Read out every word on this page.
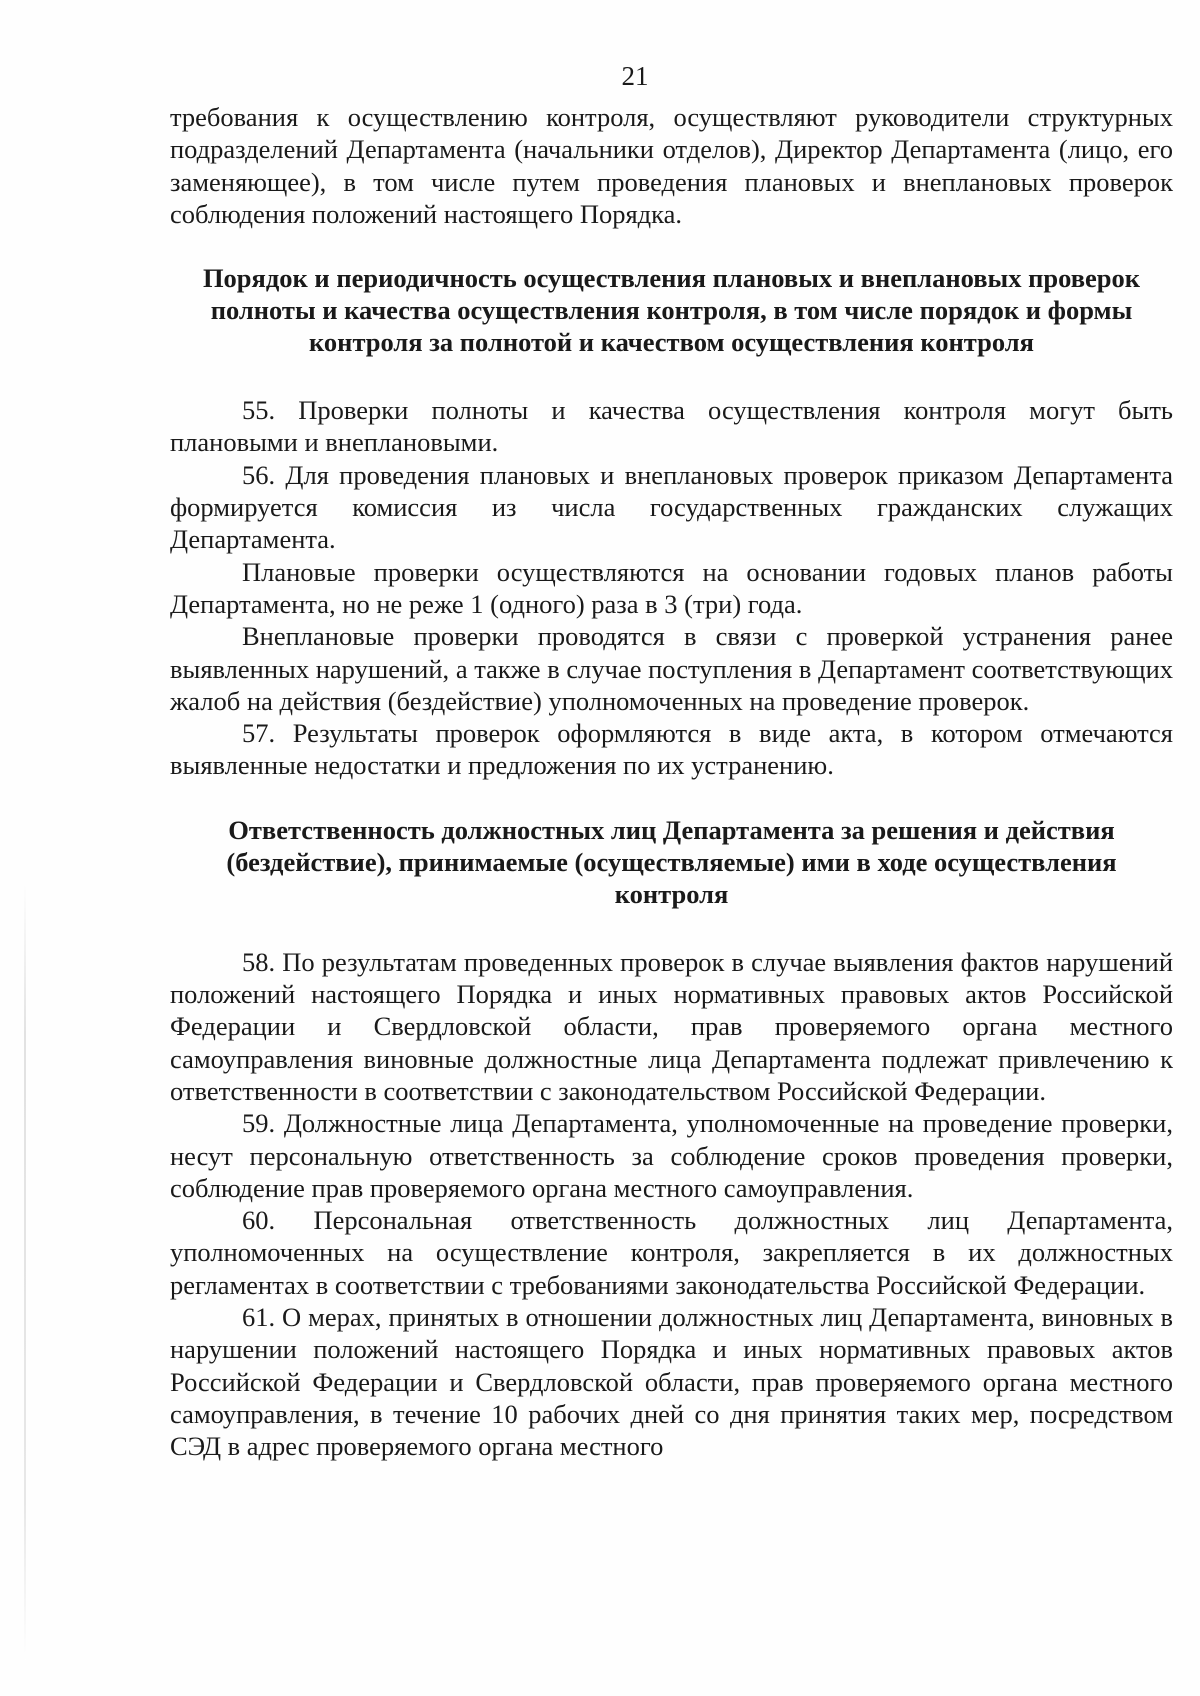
21

требования к осуществлению контроля, осуществляют руководители структурных подразделений Департамента (начальники отделов), Директор Департамента (лицо, его заменяющее), в том числе путем проведения плановых и внеплановых проверок соблюдения положений настоящего Порядка.

Порядок и периодичность осуществления плановых и внеплановых проверок полноты и качества осуществления контроля, в том числе порядок и формы контроля за полнотой и качеством осуществления контроля

55. Проверки полноты и качества осуществления контроля могут быть плановыми и внеплановыми.

56. Для проведения плановых и внеплановых проверок приказом Департамента формируется комиссия из числа государственных гражданских служащих Департамента.

Плановые проверки осуществляются на основании годовых планов работы Департамента, но не реже 1 (одного) раза в 3 (три) года.

Внеплановые проверки проводятся в связи с проверкой устранения ранее выявленных нарушений, а также в случае поступления в Департамент соответствующих жалоб на действия (бездействие) уполномоченных на проведение проверок.

57. Результаты проверок оформляются в виде акта, в котором отмечаются выявленные недостатки и предложения по их устранению.

Ответственность должностных лиц Департамента за решения и действия (бездействие), принимаемые (осуществляемые) ими в ходе осуществления контроля

58. По результатам проведенных проверок в случае выявления фактов нарушений положений настоящего Порядка и иных нормативных правовых актов Российской Федерации и Свердловской области, прав проверяемого органа местного самоуправления виновные должностные лица Департамента подлежат привлечению к ответственности в соответствии с законодательством Российской Федерации.

59. Должностные лица Департамента, уполномоченные на проведение проверки, несут персональную ответственность за соблюдение сроков проведения проверки, соблюдение прав проверяемого органа местного самоуправления.

60. Персональная ответственность должностных лиц Департамента, уполномоченных на осуществление контроля, закрепляется в их должностных регламентах в соответствии с требованиями законодательства Российской Федерации.

61. О мерах, принятых в отношении должностных лиц Департамента, виновных в нарушении положений настоящего Порядка и иных нормативных правовых актов Российской Федерации и Свердловской области, прав проверяемого органа местного самоуправления, в течение 10 рабочих дней со дня принятия таких мер, посредством СЭД в адрес проверяемого органа местного
